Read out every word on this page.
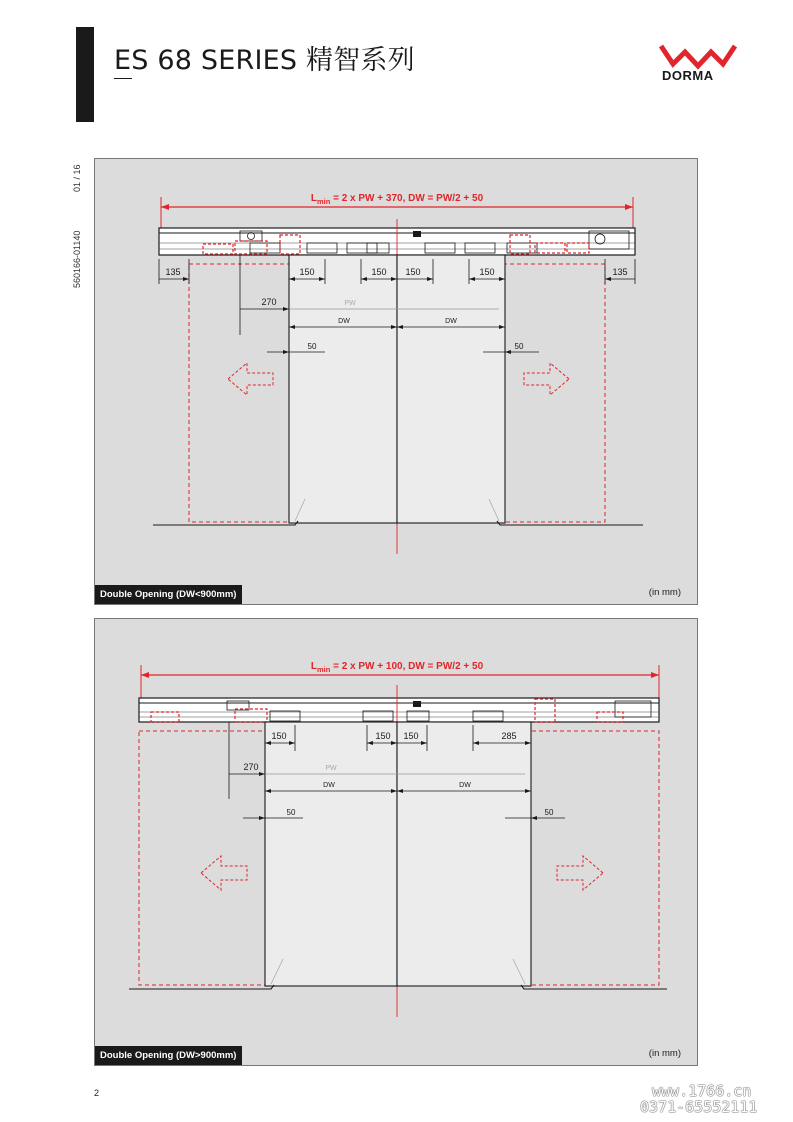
ES 68 SERIES 精智系列	DORMA
01 / 16
560166-01140
$L_{min} = 2$ x PW + 370, DW = PW/2 + 50
135	135
150	150 150	150
270	PW
DW	DW
50	50
Double Opening (DW<900mm)	(in mm)
$L_{min} = 2$ x PW + 100, DW = PW/2 + 50
150	150 150	285
270	PW
DW	DW
50	50
Double Opening (DW>900mm)	(in mm)
2	www.1766.cn
0371-65552111
